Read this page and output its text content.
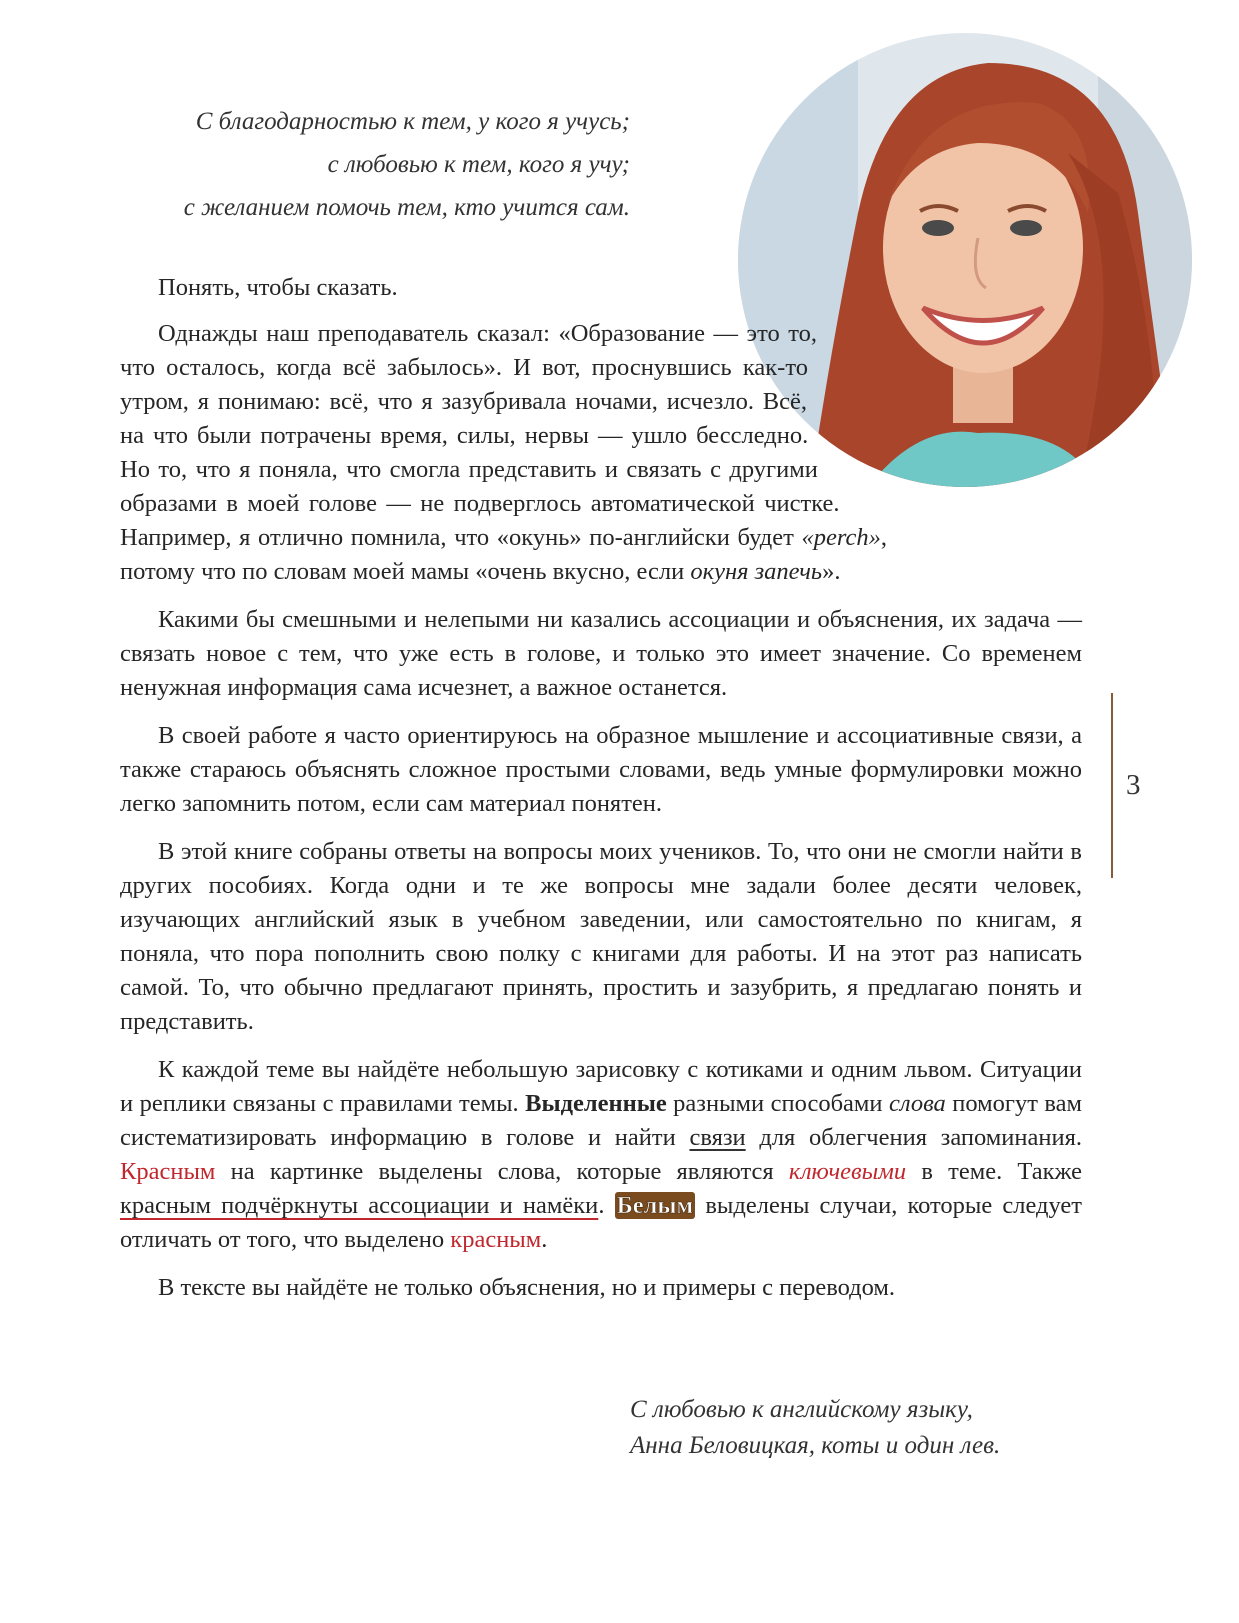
С благодарностью к тем, у кого я учусь;
с любовью к тем, кого я учу;
с желанием помочь тем, кто учится сам.

Понять, чтобы сказать.

Однажды наш преподаватель сказал: «Образование — это то, что осталось, когда всё забылось». И вот, проснувшись как-то утром, я понимаю: всё, что я зазубривала ночами, исчезло. Всё, на что были потрачены время, силы, нервы — ушло бесследно. Но то, что я поняла, что смогла представить и связать с другими образами в моей голове — не подверглось автоматической чистке. Например, я отлично помнила, что «окунь» по-английски будет «perch», потому что по словам моей мамы «очень вкусно, если окуня запечь».

Какими бы смешными и нелепыми ни казались ассоциации и объяснения, их задача — связать новое с тем, что уже есть в голове, и только это имеет значение. Со временем ненужная информация сама исчезнет, а важное останется.

В своей работе я часто ориентируюсь на образное мышление и ассоциативные связи, а также стараюсь объяснять сложное простыми словами, ведь умные формулировки можно легко запомнить потом, если сам материал понятен.

В этой книге собраны ответы на вопросы моих учеников. То, что они не смогли найти в других пособиях. Когда одни и те же вопросы мне задали более десяти человек, изучающих английский язык в учебном заведении, или самостоятельно по книгам, я поняла, что пора пополнить свою полку с книгами для работы. И на этот раз написать самой. То, что обычно предлагают принять, простить и зазубрить, я предлагаю понять и представить.

К каждой теме вы найдёте небольшую зарисовку с котиками и одним львом. Ситуации и реплики связаны с правилами темы. Выделенные разными способами слова помогут вам систематизировать информацию в голове и найти связи для облегчения запоминания. Красным на картинке выделены слова, которые являются ключевыми в теме. Также красным подчёркнуты ассоциации и намёки. Белым выделены случаи, которые следует отличать от того, что выделено красным.

В тексте вы найдёте не только объяснения, но и примеры с переводом.

3
С любовью к английскому языку,
Анна Беловицкая, коты и один лев.
